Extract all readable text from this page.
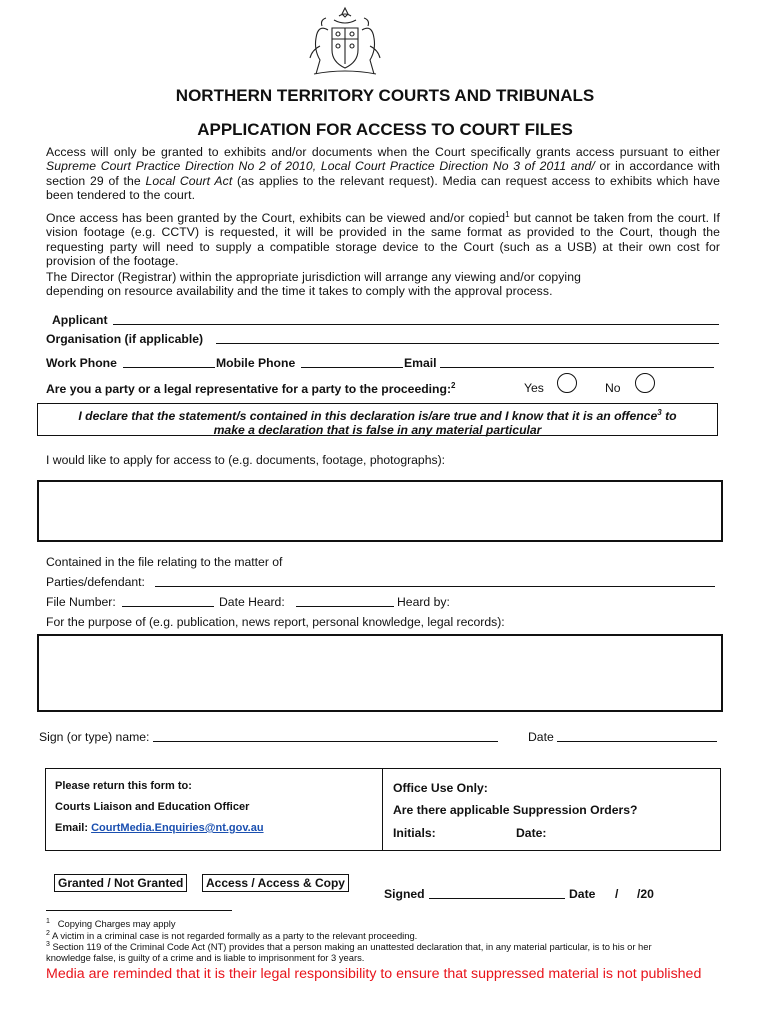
NORTHERN TERRITORY COURTS AND TRIBUNALS
APPLICATION FOR ACCESS TO COURT FILES
Access will only be granted to exhibits and/or documents when the Court specifically grants access pursuant to either Supreme Court Practice Direction No 2 of 2010, Local Court Practice Direction No 3 of 2011 and/ or in accordance with section 29 of the Local Court Act (as applies to the relevant request). Media can request access to exhibits which have been tendered to the court.
Once access has been granted by the Court, exhibits can be viewed and/or copied$^1$ but cannot be taken from the court. If vision footage (e.g. CCTV) is requested, it will be provided in the same format as provided to the Court, though the requesting party will need to supply a compatible storage device to the Court (such as a USB) at their own cost for provision of the footage.
The Director (Registrar) within the appropriate jurisdiction will arrange any viewing and/or copying depending on resource availability and the time it takes to comply with the approval process.
Applicant
Organisation (if applicable)
Work Phone	Mobile Phone	Email
Are you a party or a legal representative for a party to the proceeding:$^2$	Yes	No
I declare that the statement/s contained in this declaration is/are true and I know that it is an offence$^3$ to
make a declaration that is false in any material particular
I would like to apply for access to (e.g. documents, footage, photographs):
Contained in the file relating to the matter of
Parties/defendant:
File Number:	Date Heard:	Heard by:
For the purpose of (e.g. publication, news report, personal knowledge, legal records):
Sign (or type) name:	Date
Please return this form to:
Courts Liaison and Education Officer
Email: CourtMedia.Enquiries@nt.gov.au
Office Use Only:
Are there applicable Suppression Orders?
Initials:	Date:
Granted / Not Granted	Access / Access & Copy
Signed	Date / /20
$^1$ Copying Charges may apply
$^2$ A victim in a criminal case is not regarded formally as a party to the relevant proceeding.
$^3$ Section 119 of the Criminal Code Act (NT) provides that a person making an unattested declaration that, in any material particular, is to his or her knowledge false, is guilty of a crime and is liable to imprisonment for 3 years.
Media are reminded that it is their legal responsibility to ensure that suppressed material is not published
